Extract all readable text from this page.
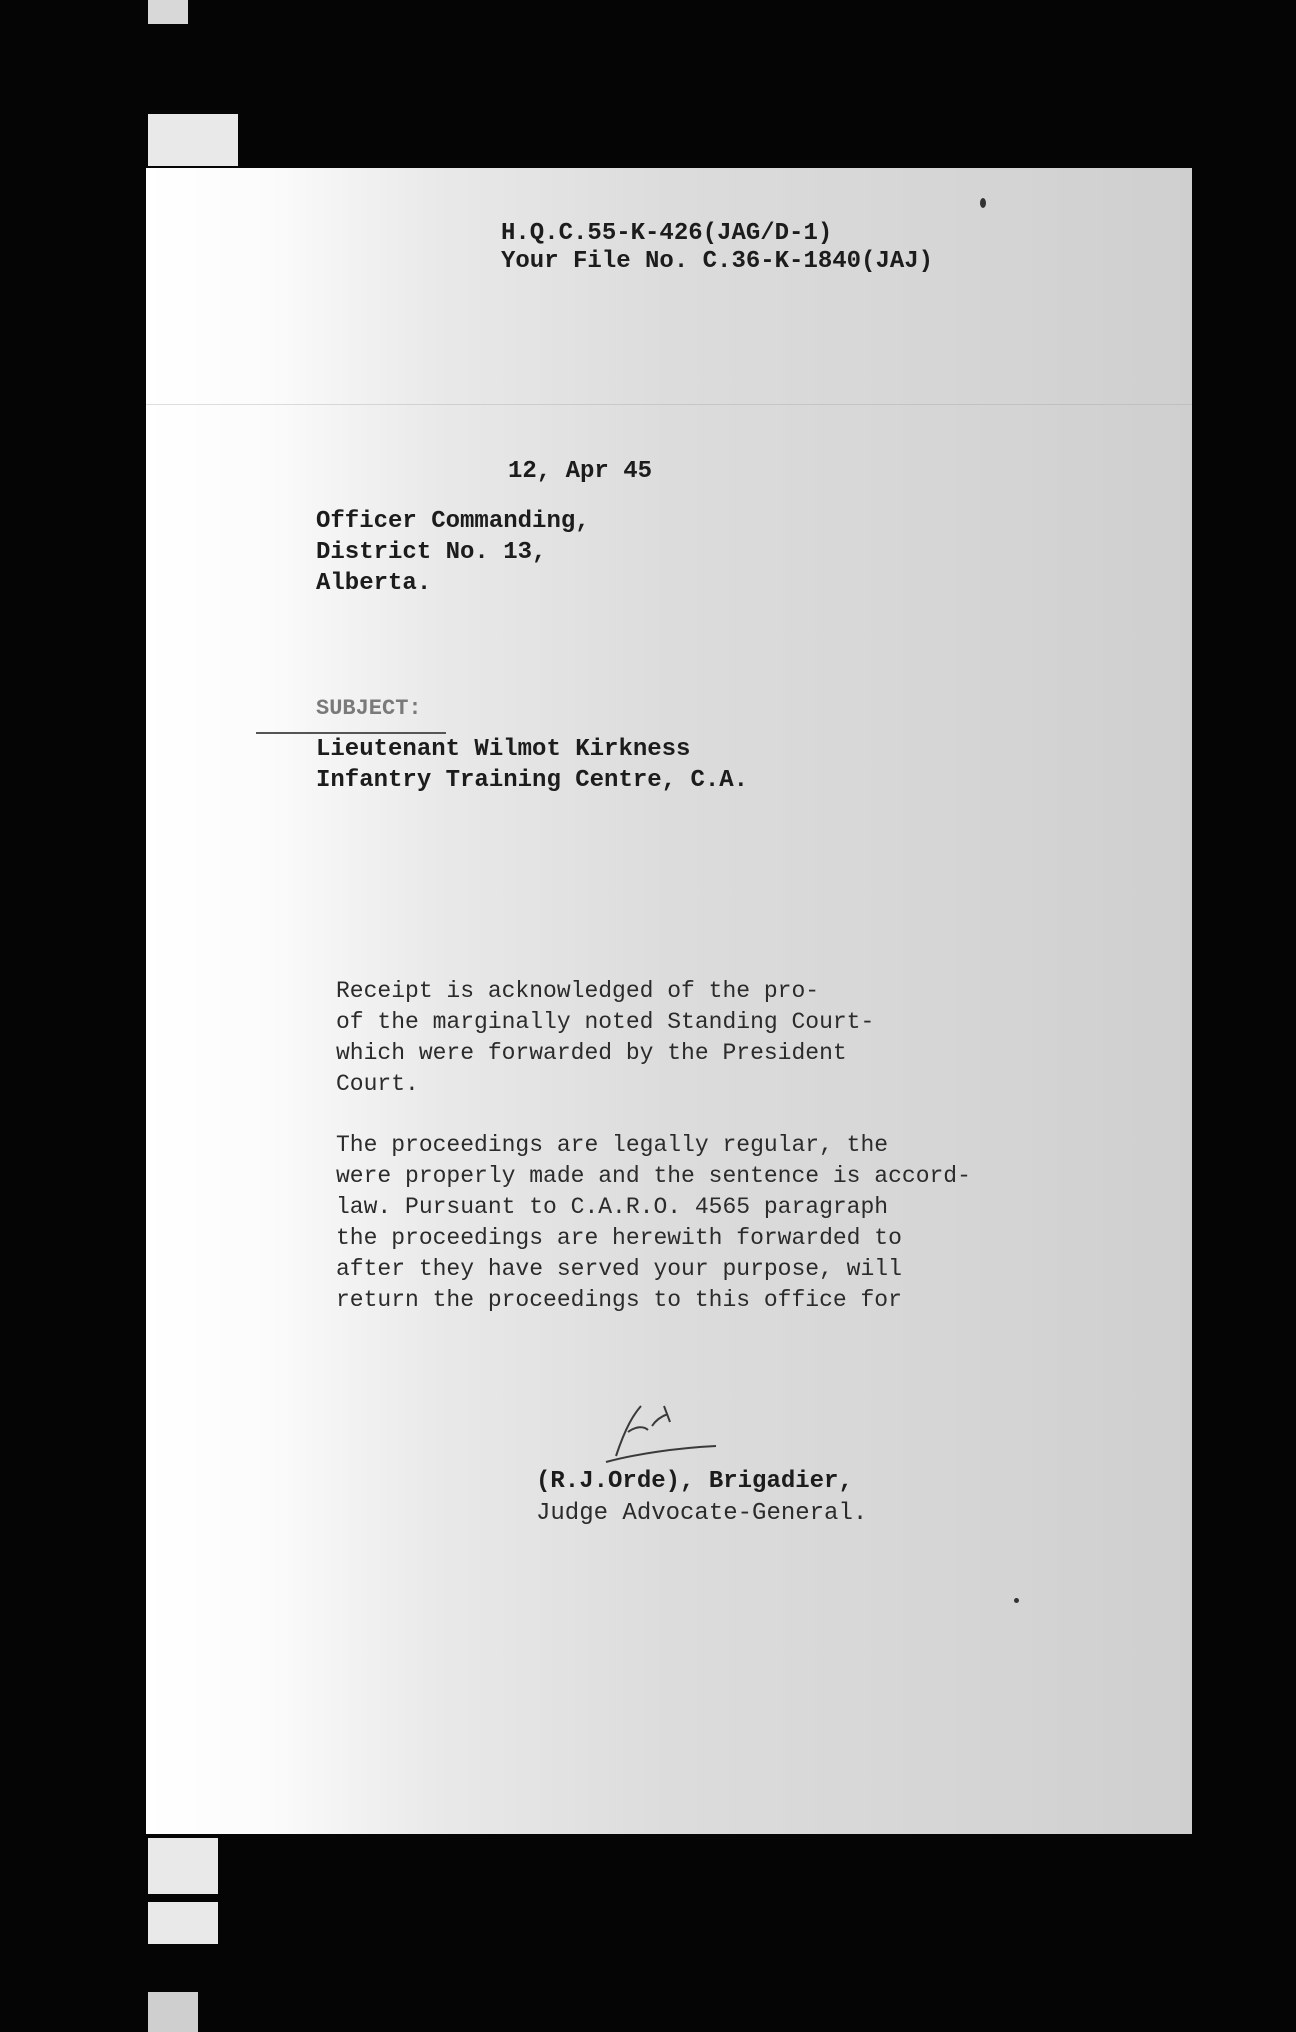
H.Q.C.55-K-426(JAG/D-1)
Your File No. C.36-K-1840(JAJ)
12, Apr 45
Officer Commanding,
District No. 13,
Alberta.
SUBJECT:
Lieutenant Wilmot Kirkness
Infantry Training Centre, C.A.
Receipt is acknowledged of the pro-
of the marginally noted Standing Court-
which were forwarded by the President
Court.
The proceedings are legally regular, the
were properly made and the sentence is accord-
law. Pursuant to C.A.R.O. 4565 paragraph
the proceedings are herewith forwarded to
after they have served your purpose, will
return the proceedings to this office for
(R.J.Orde), Brigadier,
Judge Advocate-General.
